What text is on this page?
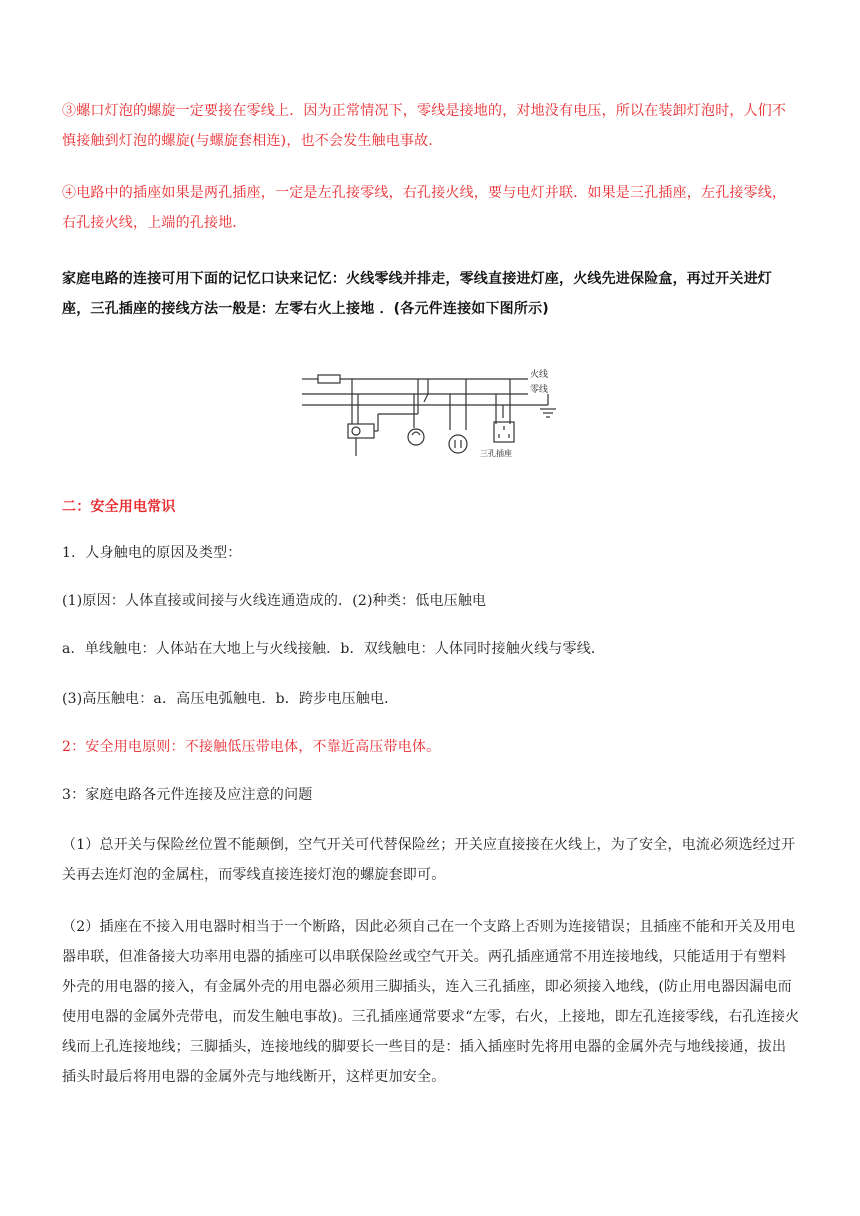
③螺口灯泡的螺旋一定要接在零线上．因为正常情况下，零线是接地的，对地没有电压，所以在装卸灯泡时，人们不慎接触到灯泡的螺旋(与螺旋套相连)，也不会发生触电事故．

④电路中的插座如果是两孔插座，一定是左孔接零线，右孔接火线，要与电灯并联．如果是三孔插座，左孔接零线，右孔接火线，上端的孔接地．

家庭电路的连接可用下面的记忆口诀来记忆：火线零线并排走，零线直接进灯座，火线先进保险盒，再过开关进灯座，三孔插座的接线方法一般是：左零右火上接地 ．(各元件连接如下图所示)

火线
零线
三孔插座

二：安全用电常识

1．人身触电的原因及类型：

(1)原因：人体直接或间接与火线连通造成的．(2)种类：低电压触电

a．单线触电：人体站在大地上与火线接触．b．双线触电：人体同时接触火线与零线．

(3)高压触电：a．高压电弧触电．b．跨步电压触电．

2：安全用电原则：不接触低压带电体，不靠近高压带电体。

3：家庭电路各元件连接及应注意的问题

（1）总开关与保险丝位置不能颠倒，空气开关可代替保险丝；开关应直接接在火线上，为了安全，电流必须选经过开关再去连灯泡的金属柱，而零线直接连接灯泡的螺旋套即可。

（2）插座在不接入用电器时相当于一个断路，因此必须自己在一个支路上否则为连接错误；且插座不能和开关及用电器串联，但准备接大功率用电器的插座可以串联保险丝或空气开关。两孔插座通常不用连接地线，只能适用于有塑料外壳的用电器的接入，有金属外壳的用电器必须用三脚插头，连入三孔插座，即必须接入地线，(防止用电器因漏电而使用电器的金属外壳带电，而发生触电事故)。三孔插座通常要求“左零，右火，上接地，即左孔连接零线，右孔连接火线而上孔连接地线；三脚插头，连接地线的脚要长一些目的是：插入插座时先将用电器的金属外壳与地线接通，拔出插头时最后将用电器的金属外壳与地线断开，这样更加安全。
